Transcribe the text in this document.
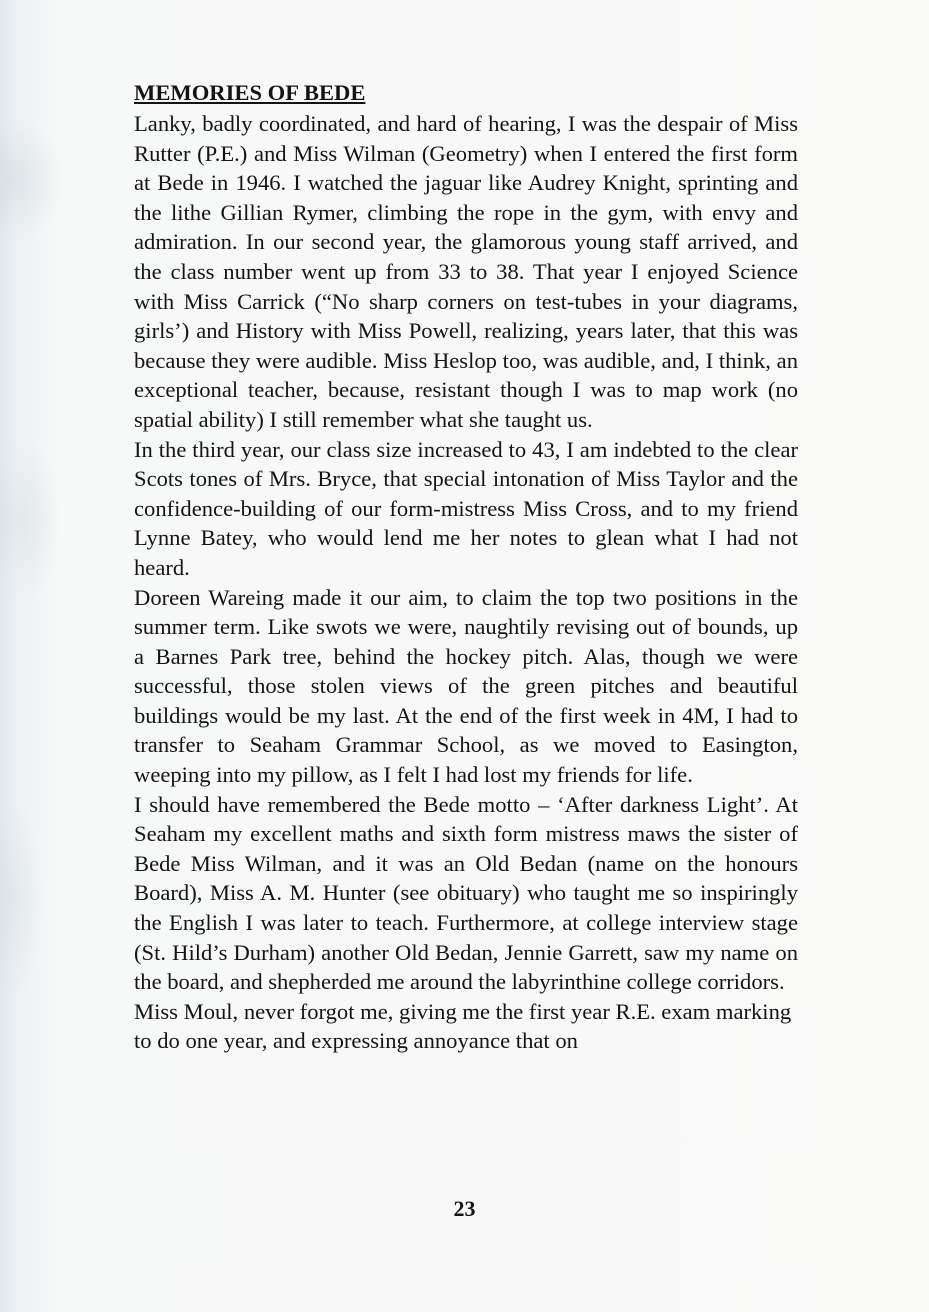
MEMORIES OF BEDE

Lanky, badly coordinated, and hard of hearing, I was the despair of Miss Rutter (P.E.) and Miss Wilman (Geometry) when I entered the first form at Bede in 1946. I watched the jaguar like Audrey Knight, sprinting and the lithe Gillian Rymer, climbing the rope in the gym, with envy and admiration. In our second year, the glamorous young staff arrived, and the class number went up from 33 to 38. That year I enjoyed Science with Miss Carrick (“No sharp corners on test-tubes in your diagrams, girls’) and History with Miss Powell, realizing, years later, that this was because they were audible. Miss Heslop too, was audible, and, I think, an exceptional teacher, because, resistant though I was to map work (no spatial ability) I still remember what she taught us.

In the third year, our class size increased to 43, I am indebted to the clear Scots tones of Mrs. Bryce, that special intonation of Miss Taylor and the confidence-building of our form-mistress Miss Cross, and to my friend Lynne Batey, who would lend me her notes to glean what I had not heard.

Doreen Wareing made it our aim, to claim the top two positions in the summer term. Like swots we were, naughtily revising out of bounds, up a Barnes Park tree, behind the hockey pitch. Alas, though we were successful, those stolen views of the green pitches and beautiful buildings would be my last. At the end of the first week in 4M, I had to transfer to Seaham Grammar School, as we moved to Easington, weeping into my pillow, as I felt I had lost my friends for life.

I should have remembered the Bede motto – ‘After darkness Light’. At Seaham my excellent maths and sixth form mistress maws the sister of Bede Miss Wilman, and it was an Old Bedan (name on the honours Board), Miss A. M. Hunter (see obituary) who taught me so inspiringly the English I was later to teach. Furthermore, at college interview stage (St. Hild’s Durham) another Old Bedan, Jennie Garrett, saw my name on the board, and shepherded me around the labyrinthine college corridors.

Miss Moul, never forgot me, giving me the first year R.E. exam marking to do one year, and expressing annoyance that on

23
